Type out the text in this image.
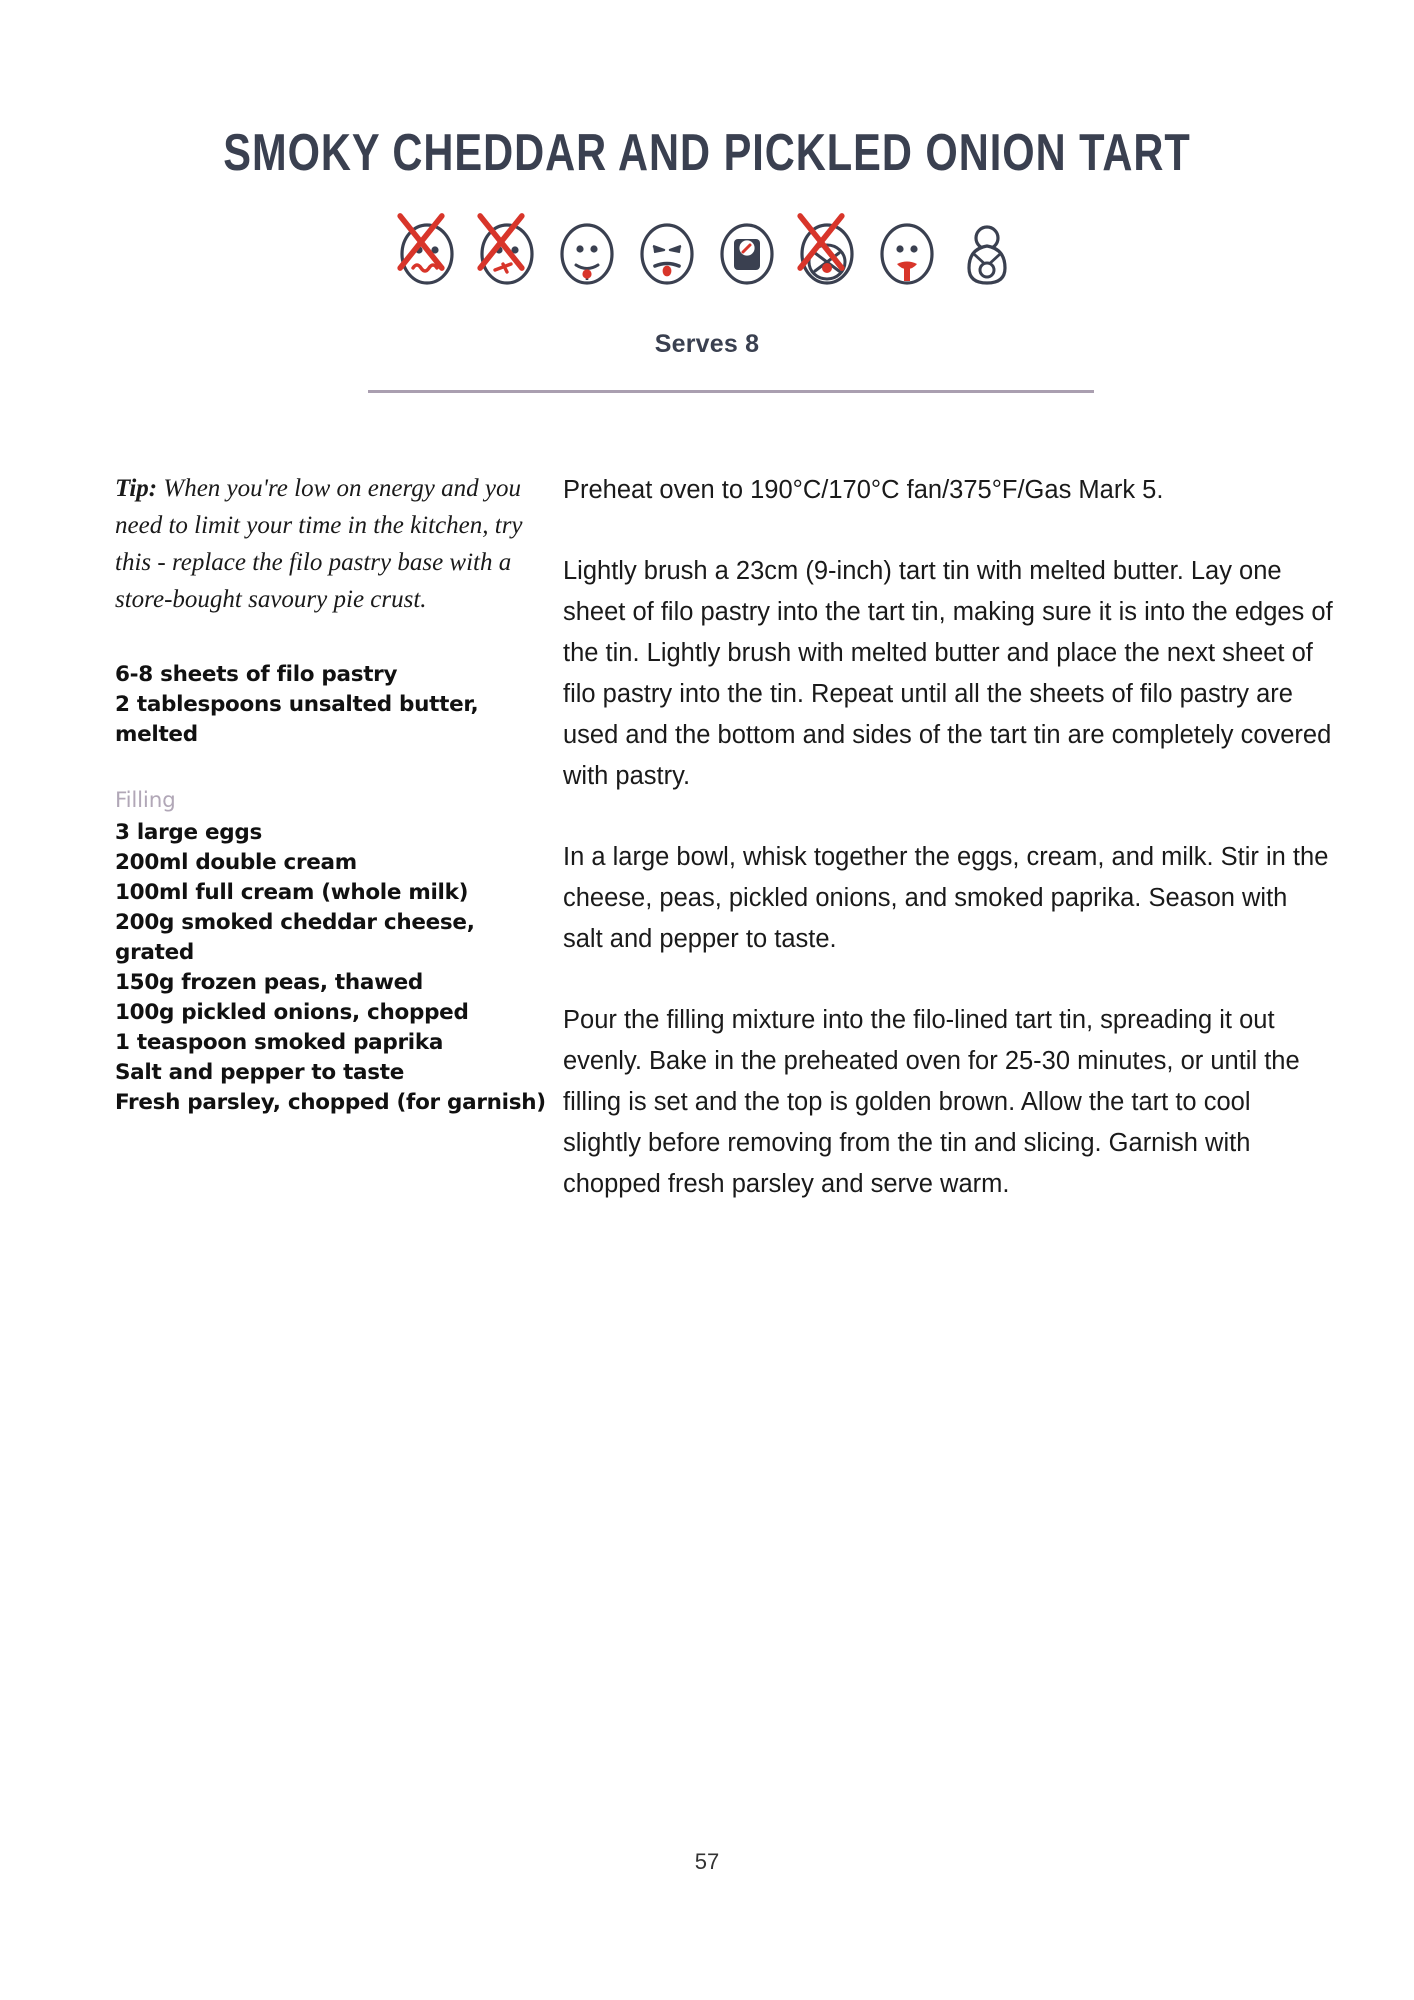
SMOKY CHEDDAR AND PICKLED ONION TART
Serves 8

Tip: When you're low on energy and you need to limit your time in the kitchen, try this - replace the filo pastry base with a store-bought savoury pie crust.

6-8 sheets of filo pastry
2 tablespoons unsalted butter,
melted
Filling
3 large eggs
200ml double cream
100ml full cream (whole milk)
200g smoked cheddar cheese,
grated
150g frozen peas, thawed
100g pickled onions, chopped
1 teaspoon smoked paprika
Salt and pepper to taste
Fresh parsley, chopped (for garnish)

Preheat oven to 190°C/170°C fan/375°F/Gas Mark 5.

Lightly brush a 23cm (9-inch) tart tin with melted butter. Lay one sheet of filo pastry into the tart tin, making sure it is into the edges of the tin. Lightly brush with melted butter and place the next sheet of filo pastry into the tin. Repeat until all the sheets of filo pastry are used and the bottom and sides of the tart tin are completely covered with pastry.

In a large bowl, whisk together the eggs, cream, and milk. Stir in the cheese, peas, pickled onions, and smoked paprika. Season with salt and pepper to taste.

Pour the filling mixture into the filo-lined tart tin, spreading it out evenly. Bake in the preheated oven for 25-30 minutes, or until the filling is set and the top is golden brown. Allow the tart to cool slightly before removing from the tin and slicing. Garnish with chopped fresh parsley and serve warm.

57
